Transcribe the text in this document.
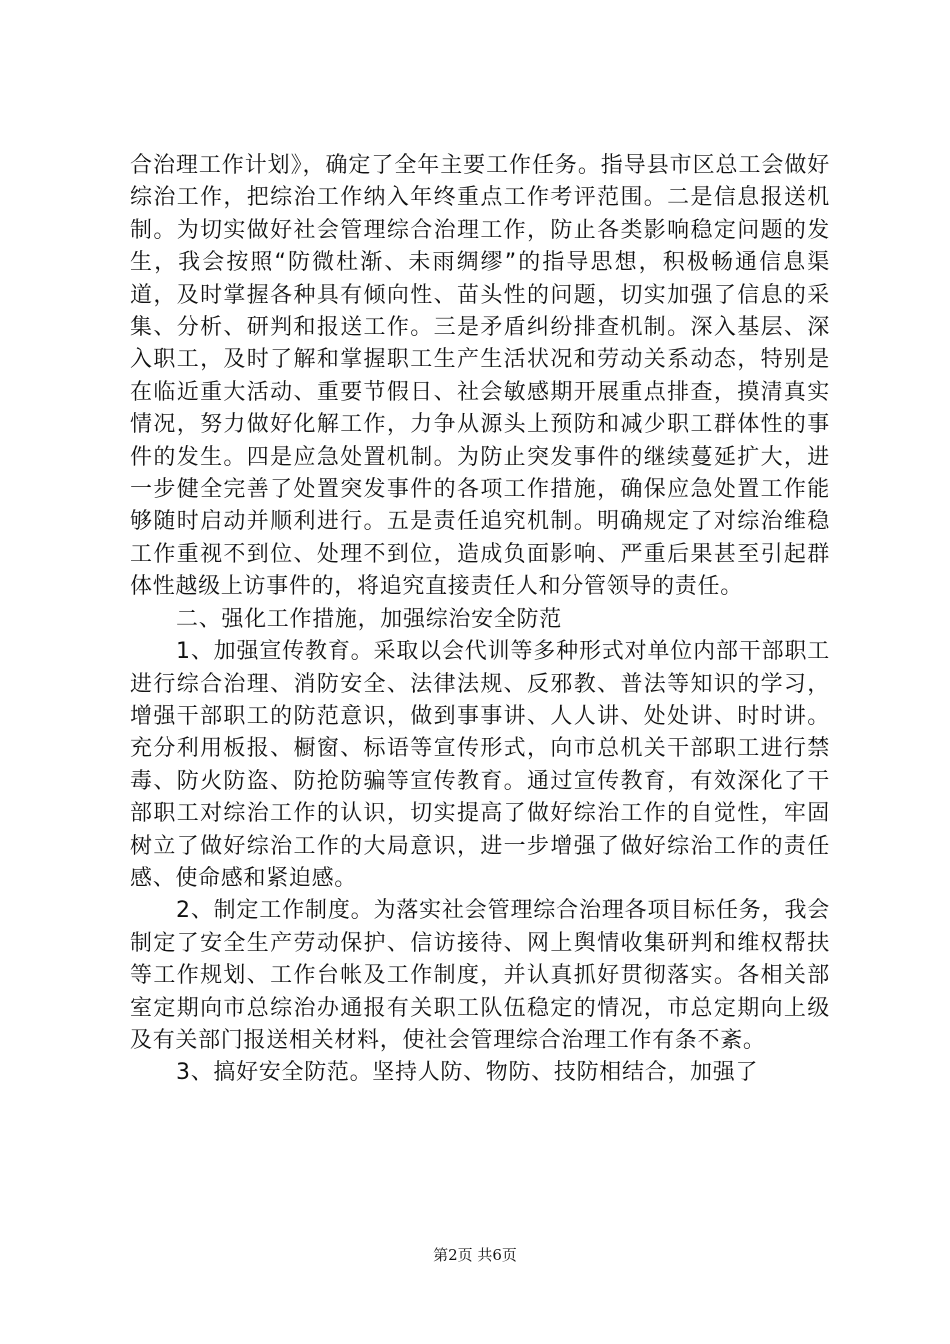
合治理工作计划》，确定了全年主要工作任务。指导县市区总工会做好综治工作，把综治工作纳入年终重点工作考评范围。二是信息报送机制。为切实做好社会管理综合治理工作，防止各类影响稳定问题的发生，我会按照“防微杜渐、未雨绸缪”的指导思想，积极畅通信息渠道，及时掌握各种具有倾向性、苗头性的问题，切实加强了信息的采集、分析、研判和报送工作。三是矛盾纠纷排查机制。深入基层、深入职工，及时了解和掌握职工生产生活状况和劳动关系动态，特别是在临近重大活动、重要节假日、社会敏感期开展重点排查，摸清真实情况，努力做好化解工作，力争从源头上预防和减少职工群体性的事件的发生。四是应急处置机制。为防止突发事件的继续蔓延扩大，进一步健全完善了处置突发事件的各项工作措施，确保应急处置工作能够随时启动并顺利进行。五是责任追究机制。明确规定了对综治维稳工作重视不到位、处理不到位，造成负面影响、严重后果甚至引起群体性越级上访事件的，将追究直接责任人和分管领导的责任。

二、强化工作措施，加强综治安全防范

1、加强宣传教育。采取以会代训等多种形式对单位内部干部职工进行综合治理、消防安全、法律法规、反邪教、普法等知识的学习，增强干部职工的防范意识，做到事事讲、人人讲、处处讲、时时讲。充分利用板报、橱窗、标语等宣传形式，向市总机关干部职工进行禁毒、防火防盗、防抢防骗等宣传教育。通过宣传教育，有效深化了干部职工对综治工作的认识，切实提高了做好综治工作的自觉性，牢固树立了做好综治工作的大局意识，进一步增强了做好综治工作的责任感、使命感和紧迫感。

2、制定工作制度。为落实社会管理综合治理各项目标任务，我会制定了安全生产劳动保护、信访接待、网上舆情收集研判和维权帮扶等工作规划、工作台帐及工作制度，并认真抓好贯彻落实。各相关部室定期向市总综治办通报有关职工队伍稳定的情况，市总定期向上级及有关部门报送相关材料，使社会管理综合治理工作有条不紊。

3、搞好安全防范。坚持人防、物防、技防相结合，加强了

第2页 共6页
